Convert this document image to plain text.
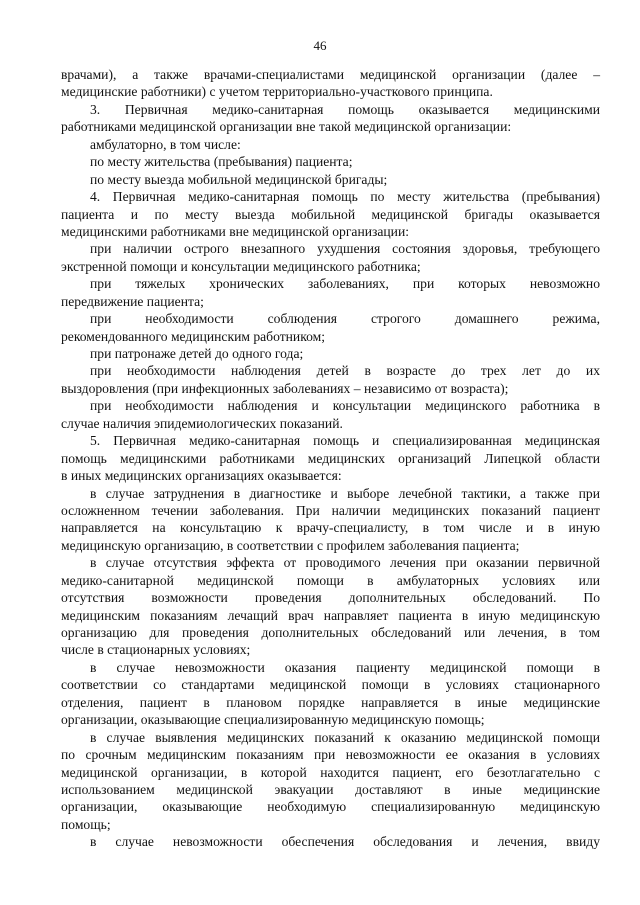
46
врачами), а также врачами-специалистами медицинской организации (далее –
медицинские работники) с учетом территориально-участкового принципа.
3. Первичная медико-санитарная помощь оказывается медицинскими
работниками медицинской организации вне такой медицинской организации:
амбулаторно, в том числе:
по месту жительства (пребывания) пациента;
по месту выезда мобильной медицинской бригады;
4. Первичная медико-санитарная помощь по месту жительства (пребывания)
пациента и по месту выезда мобильной медицинской бригады оказывается
медицинскими работниками вне медицинской организации:
при наличии острого внезапного ухудшения состояния здоровья, требующего
экстренной помощи и консультации медицинского работника;
при тяжелых хронических заболеваниях, при которых невозможно
передвижение пациента;
при необходимости соблюдения строгого домашнего режима,
рекомендованного медицинским работником;
при патронаже детей до одного года;
при необходимости наблюдения детей в возрасте до трех лет до их
выздоровления (при инфекционных заболеваниях – независимо от возраста);
при необходимости наблюдения и консультации медицинского работника в
случае наличия эпидемиологических показаний.
5. Первичная медико-санитарная помощь и специализированная медицинская
помощь медицинскими работниками медицинских организаций Липецкой области
в иных медицинских организациях оказывается:
в случае затруднения в диагностике и выборе лечебной тактики, а также при
осложненном течении заболевания. При наличии медицинских показаний пациент
направляется на консультацию к врачу-специалисту, в том числе и в иную
медицинскую организацию, в соответствии с профилем заболевания пациента;
в случае отсутствия эффекта от проводимого лечения при оказании первичной
медико-санитарной медицинской помощи в амбулаторных условиях или
отсутствия возможности проведения дополнительных обследований. По
медицинским показаниям лечащий врач направляет пациента в иную медицинскую
организацию для проведения дополнительных обследований или лечения, в том
числе в стационарных условиях;
в случае невозможности оказания пациенту медицинской помощи в
соответствии со стандартами медицинской помощи в условиях стационарного
отделения, пациент в плановом порядке направляется в иные медицинские
организации, оказывающие специализированную медицинскую помощь;
в случае выявления медицинских показаний к оказанию медицинской помощи
по срочным медицинским показаниям при невозможности ее оказания в условиях
медицинской организации, в которой находится пациент, его безотлагательно с
использованием медицинской эвакуации доставляют в иные медицинские
организации, оказывающие необходимую специализированную медицинскую
помощь;
в случае невозможности обеспечения обследования и лечения, ввиду
